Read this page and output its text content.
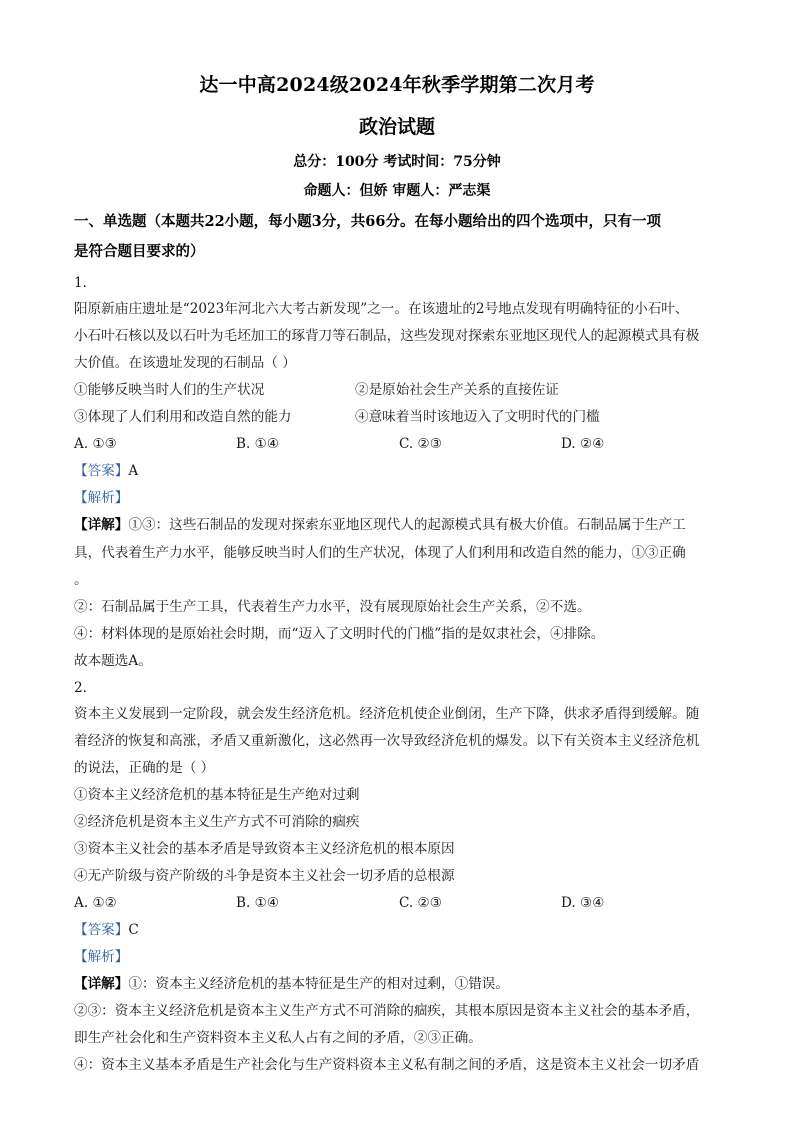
达一中高2024级2024年秋季学期第二次月考
政治试题
总分：100分 考试时间：75分钟
命题人：但娇 审题人：严志渠
一、单选题（本题共22小题，每小题3分，共66分。在每小题给出的四个选项中，只有一项
是符合题目要求的）
1.
阳原新庙庄遗址是“2023年河北六大考古新发现”之一。在该遗址的2号地点发现有明确特征的小石叶、
小石叶石核以及以石叶为毛坯加工的琢背刀等石制品，这些发现对探索东亚地区现代人的起源模式具有极
大价值。在该遗址发现的石制品（ ）
①能够反映当时人们的生产状况	②是原始社会生产关系的直接佐证
③体现了人们利用和改造自然的能力	④意味着当时该地迈入了文明时代的门槛
A. ①③	B. ①④	C. ②③	D. ②④
【答案】A
【解析】
【详解】①③：这些石制品的发现对探索东亚地区现代人的起源模式具有极大价值。石制品属于生产工
具，代表着生产力水平，能够反映当时人们的生产状况，体现了人们利用和改造自然的能力，①③正确
。
②：石制品属于生产工具，代表着生产力水平，没有展现原始社会生产关系，②不选。
④：材料体现的是原始社会时期，而“迈入了文明时代的门槛”指的是奴隶社会，④排除。
故本题选A。
2.
资本主义发展到一定阶段，就会发生经济危机。经济危机使企业倒闭，生产下降，供求矛盾得到缓解。随
着经济的恢复和高涨，矛盾又重新激化，这必然再一次导致经济危机的爆发。以下有关资本主义经济危机
的说法，正确的是（ ）
①资本主义经济危机的基本特征是生产绝对过剩
②经济危机是资本主义生产方式不可消除的痼疾
③资本主义社会的基本矛盾是导致资本主义经济危机的根本原因
④无产阶级与资产阶级的斗争是资本主义社会一切矛盾的总根源
A. ①②	B. ①④	C. ②③	D. ③④
【答案】C
【解析】
【详解】①：资本主义经济危机的基本特征是生产的相对过剩，①错误。
②③：资本主义经济危机是资本主义生产方式不可消除的痼疾，其根本原因是资本主义社会的基本矛盾，
即生产社会化和生产资料资本主义私人占有之间的矛盾，②③正确。
④：资本主义基本矛盾是生产社会化与生产资料资本主义私有制之间的矛盾，这是资本主义社会一切矛盾
